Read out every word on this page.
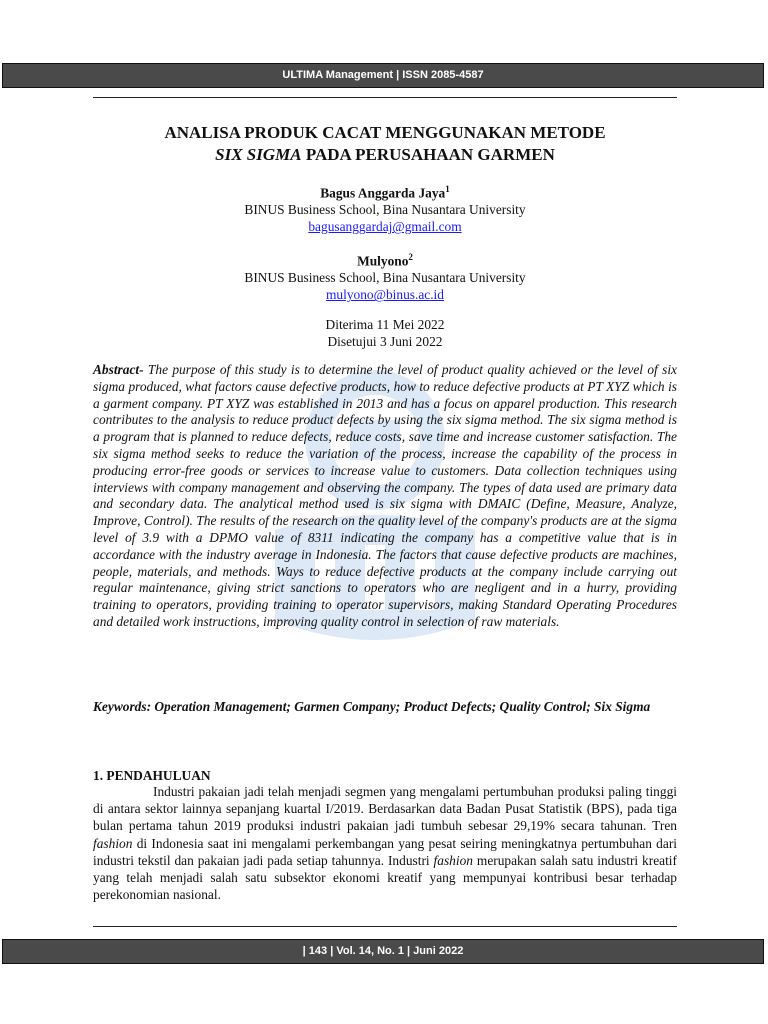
ULTIMA Management | ISSN 2085-4587
ANALISA PRODUK CACAT MENGGUNAKAN METODE
SIX SIGMA PADA PERUSAHAAN GARMEN
Bagus Anggarda Jaya$^1$
BINUS Business School, Bina Nusantara University
bagusanggardaj@gmail.com
Mulyono$^2$
BINUS Business School, Bina Nusantara University
mulyono@binus.ac.id
Diterima 11 Mei 2022
Disetujui 3 Juni 2022
Abstract- The purpose of this study is to determine the level of product quality achieved or the level of six sigma produced, what factors cause defective products, how to reduce defective products at PT XYZ which is a garment company. PT XYZ was established in 2013 and has a focus on apparel production. This research contributes to the analysis to reduce product defects by using the six sigma method. The six sigma method is a program that is planned to reduce defects, reduce costs, save time and increase customer satisfaction. The six sigma method seeks to reduce the variation of the process, increase the capability of the process in producing error-free goods or services to increase value to customers. Data collection techniques using interviews with company management and observing the company. The types of data used are primary data and secondary data. The analytical method used is six sigma with DMAIC (Define, Measure, Analyze, Improve, Control). The results of the research on the quality level of the company's products are at the sigma level of 3.9 with a DPMO value of 8311 indicating the company has a competitive value that is in accordance with the industry average in Indonesia. The factors that cause defective products are machines, people, materials, and methods. Ways to reduce defective products at the company include carrying out regular maintenance, giving strict sanctions to operators who are negligent and in a hurry, providing training to operators, providing training to operator supervisors, making Standard Operating Procedures and detailed work instructions, improving quality control in selection of raw materials.
Keywords: Operation Management; Garmen Company; Product Defects; Quality Control; Six Sigma
1. PENDAHULUAN
Industri pakaian jadi telah menjadi segmen yang mengalami pertumbuhan produksi paling tinggi di antara sektor lainnya sepanjang kuartal I/2019. Berdasarkan data Badan Pusat Statistik (BPS), pada tiga bulan pertama tahun 2019 produksi industri pakaian jadi tumbuh sebesar 29,19% secara tahunan. Tren fashion di Indonesia saat ini mengalami perkembangan yang pesat seiring meningkatnya pertumbuhan dari industri tekstil dan pakaian jadi pada setiap tahunnya. Industri fashion merupakan salah satu industri kreatif yang telah menjadi salah satu subsektor ekonomi kreatif yang mempunyai kontribusi besar terhadap perekonomian nasional.
| 143 | Vol. 14, No. 1 | Juni 2022
